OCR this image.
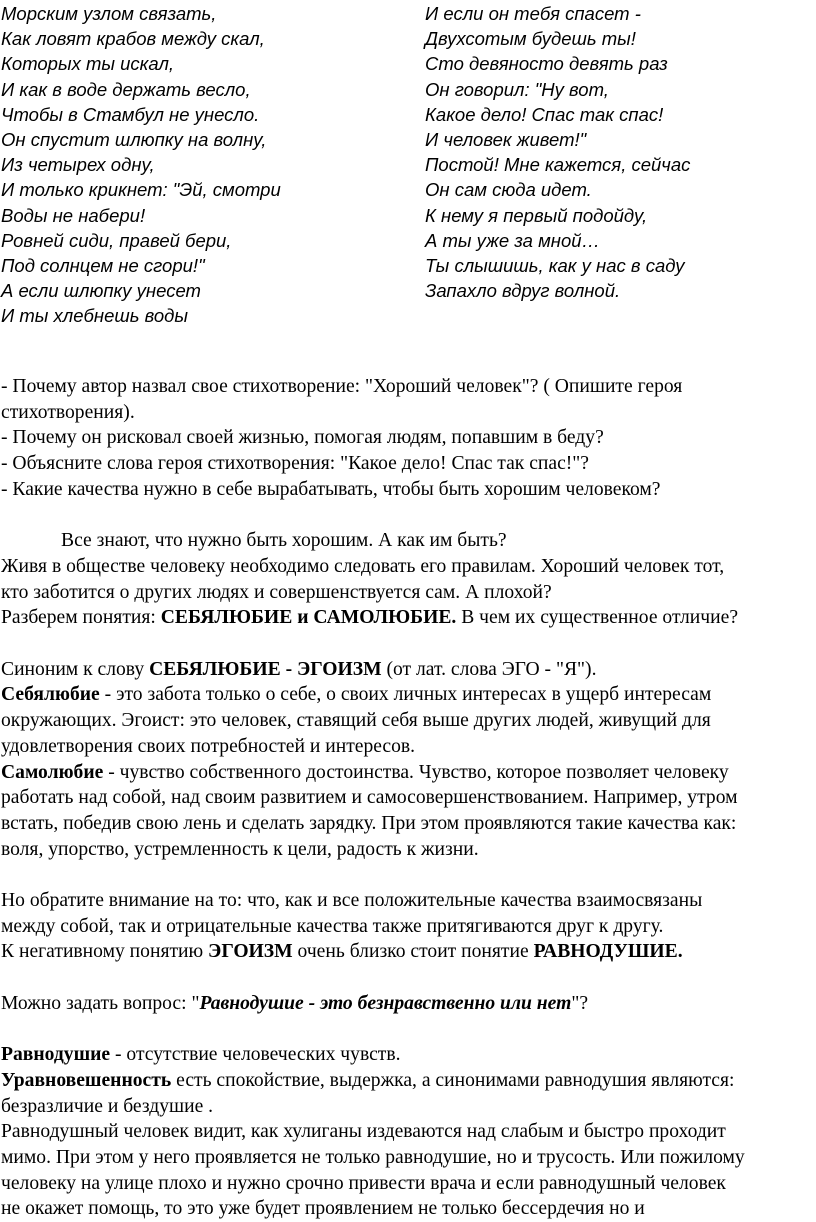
Морским узлом связать,
Как ловят крабов между скал,
Которых ты искал,
И как в воде держать весло,
Чтобы в Стамбул не унесло.
Он спустит шлюпку на волну,
Из четырех одну,
И только крикнет: "Эй, смотри
Воды не набери!
Ровней сиди, правей бери,
Под солнцем не сгори!"
А если шлюпку унесет
И ты хлебнешь воды
И если он тебя спасет -
Двухсотым будешь ты!
Сто девяносто девять раз
Он говорил: "Ну вот,
Какое дело! Спас так спас!
И человек живет!"
Постой! Мне кажется, сейчас
Он сам сюда идет.
К нему я первый подойду,
А ты уже за мной…
Ты слышишь, как у нас в саду
Запахло вдруг волной.

- Почему автор назвал свое стихотворение: "Хороший человек"? ( Опишите героя

стихотворения).

- Почему он рисковал своей жизнью, помогая людям, попавшим в беду?

- Объясните слова героя стихотворения: "Какое дело! Спас так спас!"?

- Какие качества нужно в себе вырабатывать, чтобы быть хорошим человеком?

Все знают, что нужно быть хорошим. А как им быть?

Живя в обществе человеку необходимо следовать его правилам. Хороший человек тот,

кто заботится о других людях и совершенствуется сам. А плохой?

Разберем понятия: СЕБЯЛЮБИЕ и САМОЛЮБИЕ. В чем их существенное отличие?

Синоним к слову СЕБЯЛЮБИЕ - ЭГОИЗМ (от лат. слова ЭГО - "Я").

Себялюбие - это забота только о себе, о своих личных интересах в ущерб интересам

окружающих. Эгоист: это человек, ставящий себя выше других людей, живущий для

удовлетворения своих потребностей и интересов.

Самолюбие - чувство собственного достоинства. Чувство, которое позволяет человеку

работать над собой, над своим развитием и самосовершенствованием. Например, утром

встать, победив свою лень и сделать зарядку. При этом проявляются такие качества как:

воля, упорство, устремленность к цели, радость к жизни.

Но обратите внимание на то: что, как и все положительные качества взаимосвязаны

между собой, так и отрицательные качества также притягиваются друг к другу.

К негативному понятию ЭГОИЗМ очень близко стоит понятие РАВНОДУШИЕ.

Можно задать вопрос: "Равнодушие - это безнравственно или нет"?

Равнодушие - отсутствие человеческих чувств.

Уравновешенность есть спокойствие, выдержка, а синонимами равнодушия являются:

безразличие и бездушие .

Равнодушный человек видит, как хулиганы издеваются над слабым и быстро проходит

мимо. При этом у него проявляется не только равнодушие, но и трусость. Или пожилому

человеку на улице плохо и нужно срочно привести врача и если равнодушный человек

не окажет помощь, то это уже будет проявлением не только бессердечия но и
